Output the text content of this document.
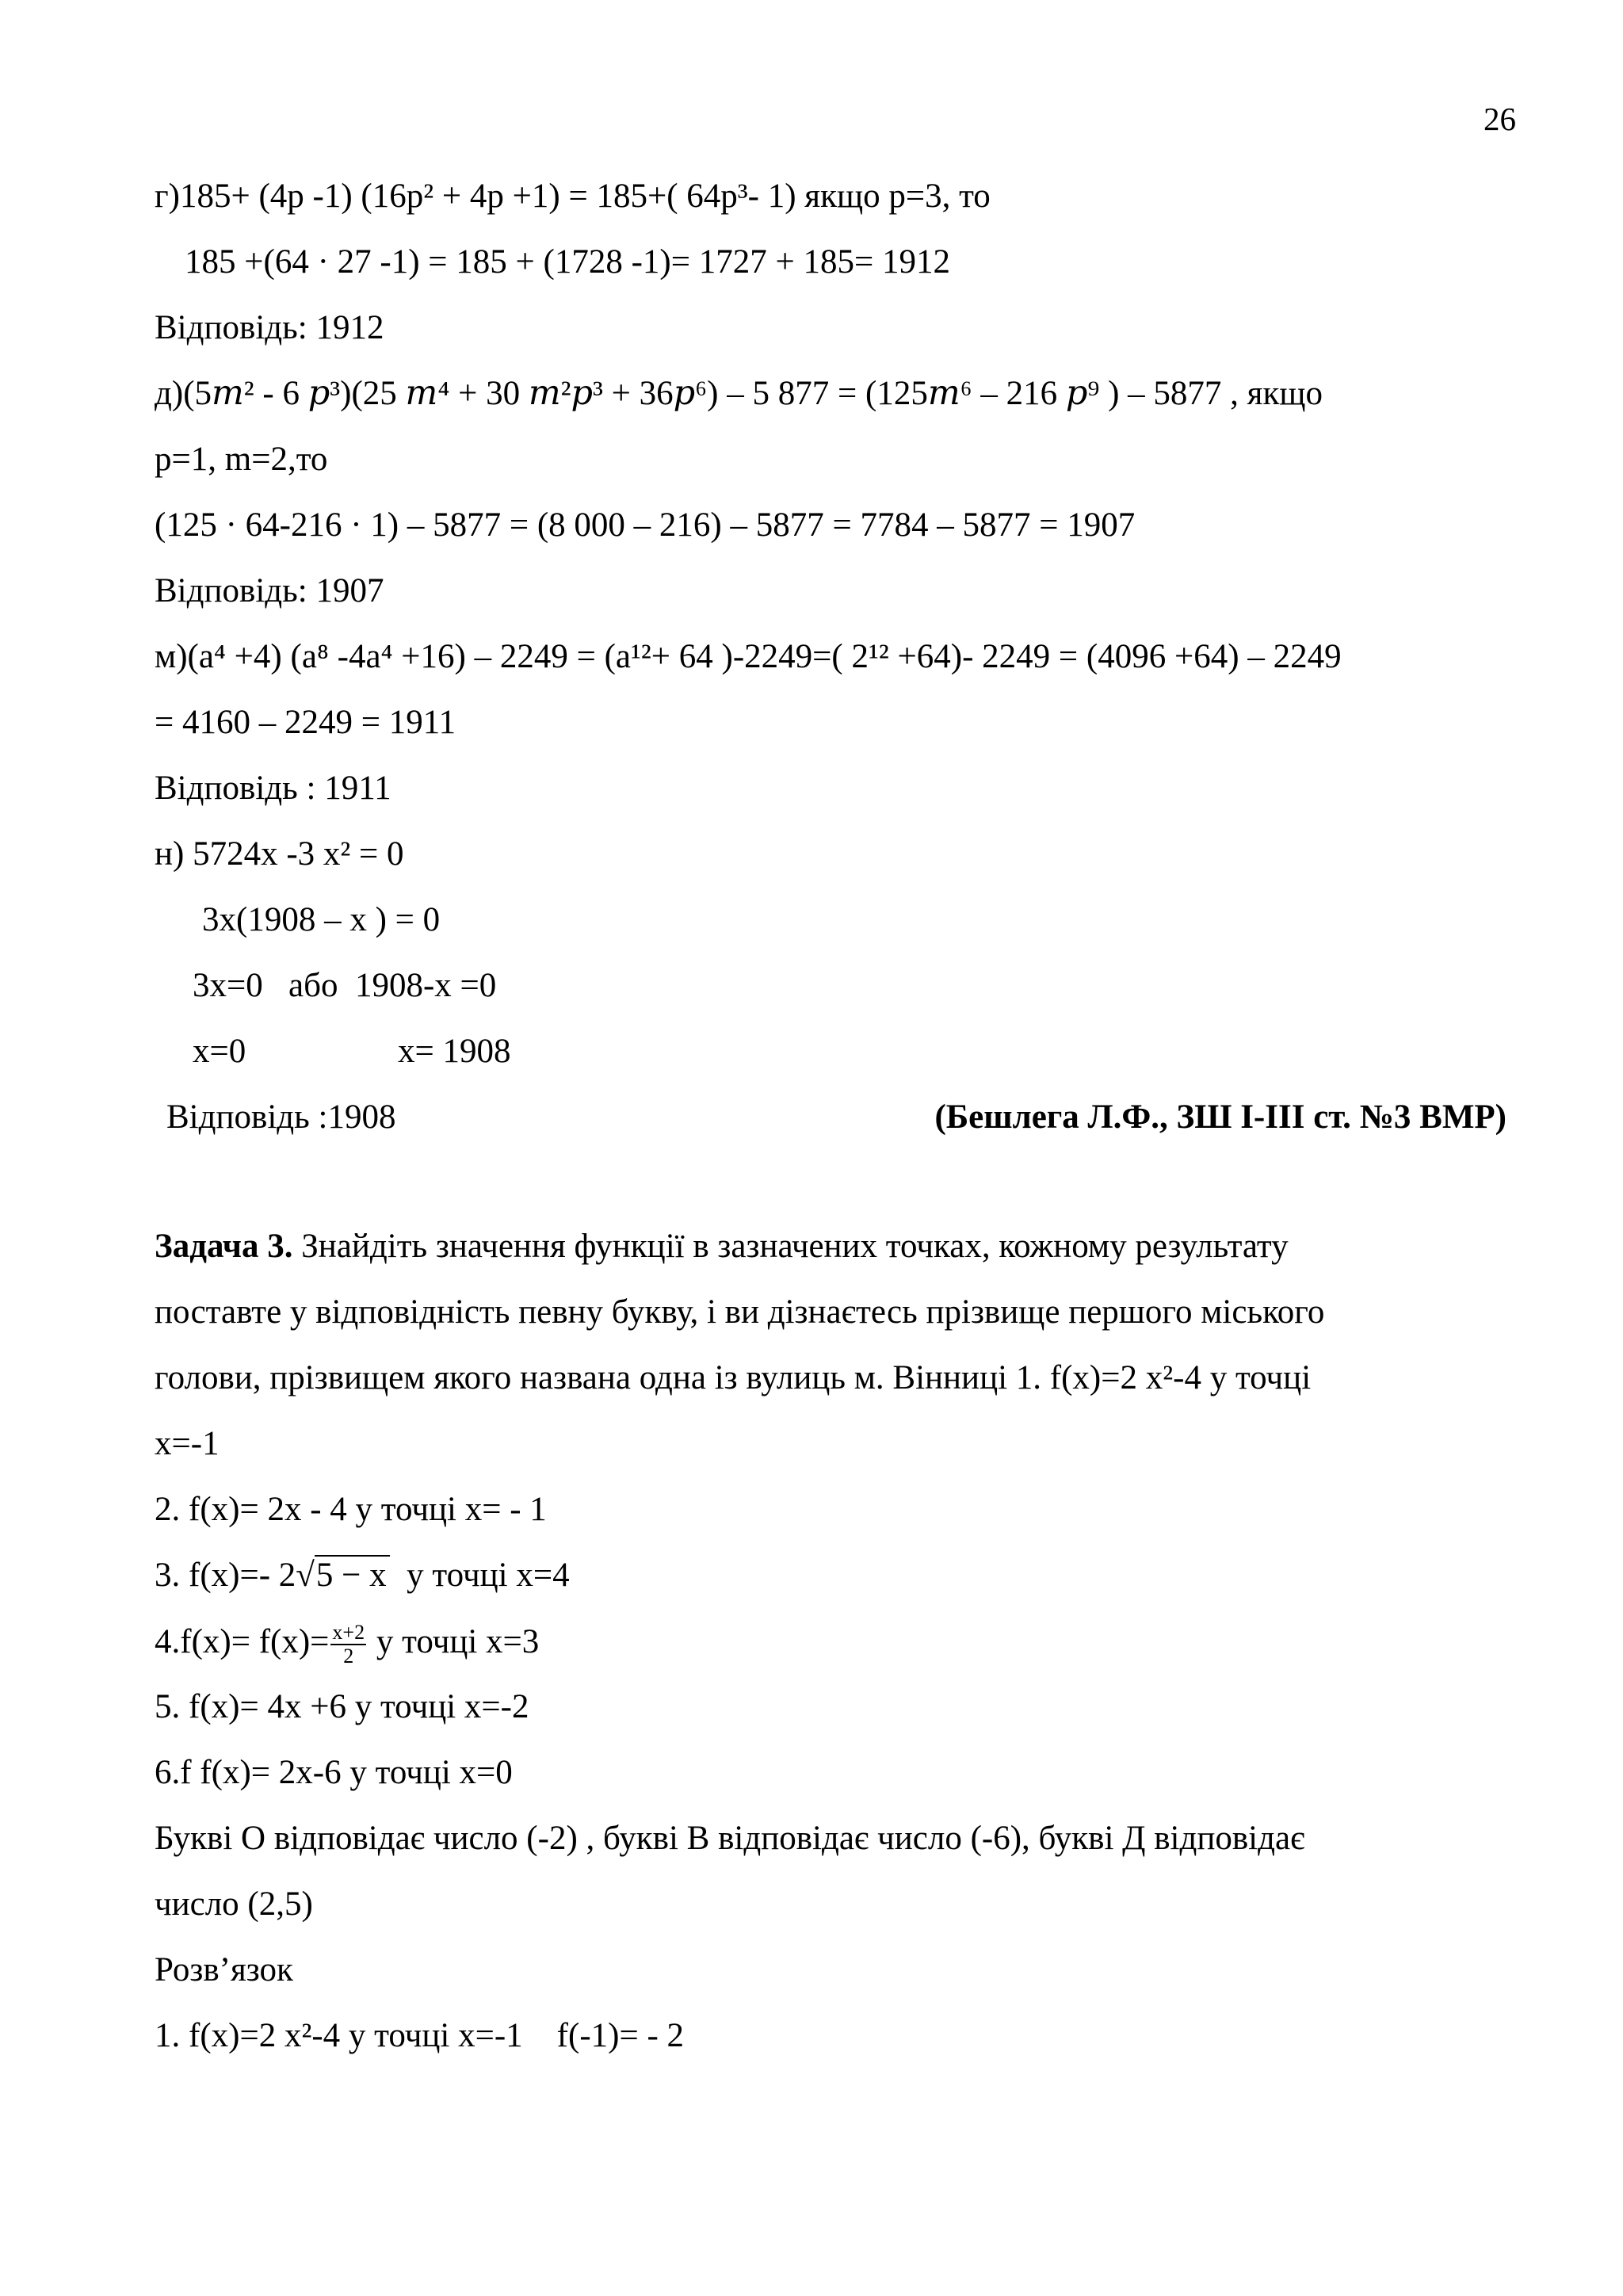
26
г)185+ (4р -1) (16р² + 4р +1) = 185+( 64р³- 1) якщо р=3, то
185 +(64 · 27 -1) = 185 + (1728 -1)= 1727 + 185= 1912
Відповідь: 1912
д)(5𝑚² - 6 𝑝³)(25 𝑚⁴ + 30 𝑚²𝑝³ + 36𝑝⁶) – 5 877 = (125𝑚⁶ – 216 𝑝⁹ ) – 5877 , якщо
р=1, m=2,то
(125 · 64-216 · 1) – 5877 = (8 000 – 216) – 5877 = 7784 – 5877 = 1907
Відповідь: 1907
м)(а⁴ +4) (а⁸ -4а⁴ +16) – 2249 = (а¹²+ 64 )-2249=( 2¹² +64)- 2249 = (4096 +64) – 2249
= 4160 – 2249 = 1911
Відповідь : 1911
н) 5724х -3 х² = 0
3х(1908 – х ) = 0
3х=0   або  1908-х =0
х=0	х= 1908
Відповідь :1908	(Бешлега Л.Ф., ЗШ І-ІІІ ст. №3 ВМР)
Задача 3. Знайдіть значення функції в зазначених точках, кожному результату
поставте у відповідність певну букву, і ви дізнаєтесь прізвище першого міського
голови, прізвищем якого названа одна із вулиць м. Вінниці 1. f(х)=2 х²-4 у точці
х=-1
2. f(х)= 2х - 4 у точці х= - 1
3. f(х)=- 2√5 − х  у точці х=4
$4.f(х)= f(х)= \frac{х+2}{2}$ у точці х=3
5. f(х)= 4х +6 у точці х=-2
6.f f(х)= 2х-6 у точці х=0
Букві О відповідає число (-2) , букві В відповідає число (-6), букві Д відповідає
число (2,5)
Розв’язок
1. f(х)=2 х²-4 у точці х=-1    f(-1)= - 2
